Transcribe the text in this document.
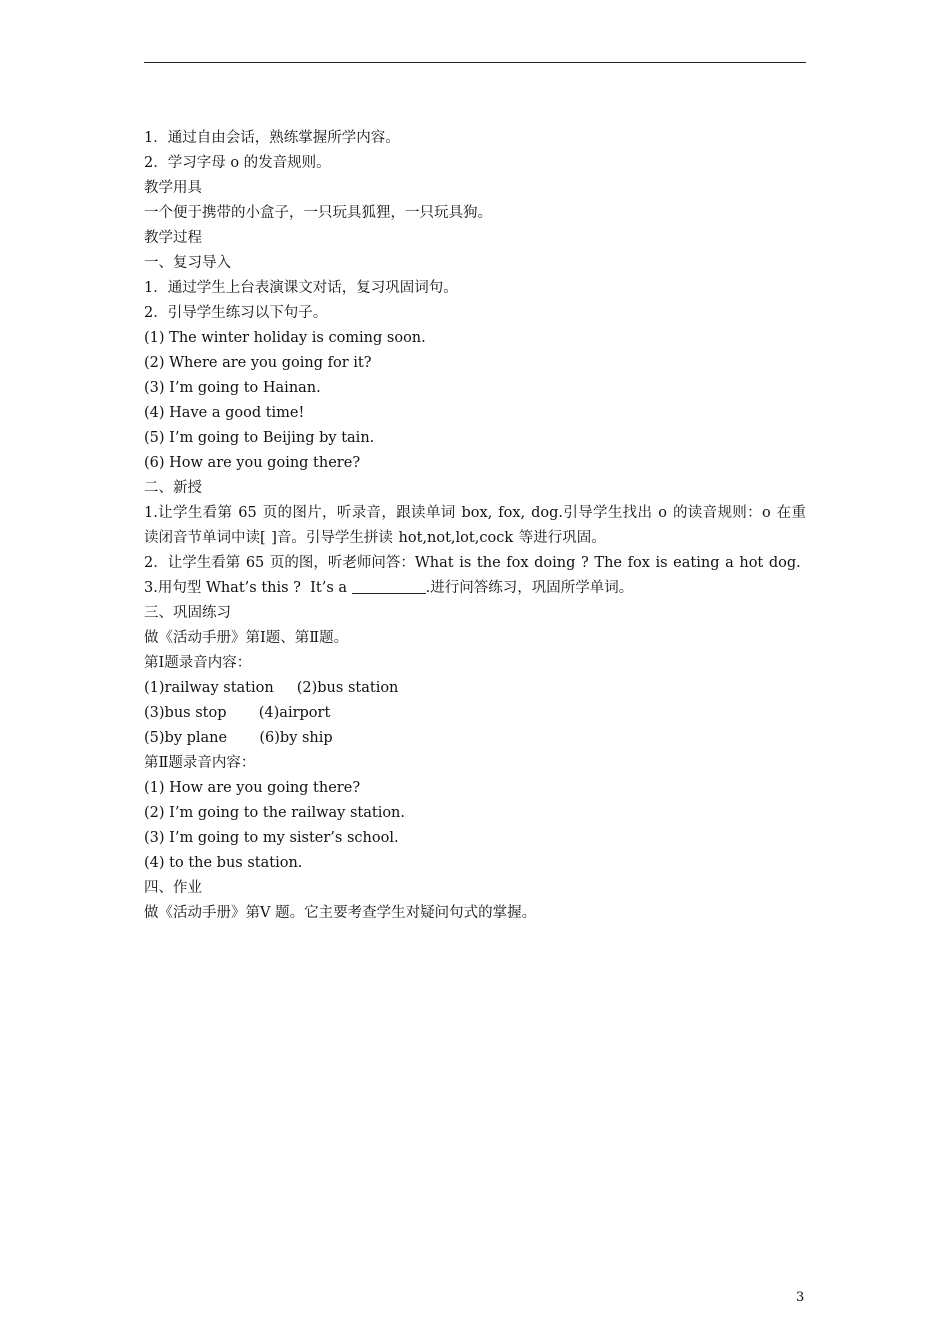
1．通过自由会话，熟练掌握所学内容。
2．学习字母 o 的发音规则。
教学用具
一个便于携带的小盒子，一只玩具狐狸，一只玩具狗。
教学过程
一、复习导入
1．通过学生上台表演课文对话，复习巩固词句。
2．引导学生练习以下句子。
(1) The winter holiday is coming soon.
(2) Where are you going for it?
(3) I’m going to Hainan.
(4) Have a good time!
(5) I’m going to Beijing by tain.
(6) How are you going there?
二、新授
1.让学生看第 65 页的图片，听录音，跟读单词 box, fox, dog.引导学生找出 o 的读音规则：o 在重读闭音节单词中读[ ]音。引导学生拼读 hot,not,lot,cock 等进行巩固。
2．让学生看第 65 页的图，听老师问答：What is the fox doing ? The fox is eating a hot dog.
3.用句型 What’s this ?  It’s a	.进行问答练习，巩固所学单词。
三、巩固练习
做《活动手册》第Ⅰ题、第Ⅱ题。
第Ⅰ题录音内容：
(1)railway station     (2)bus station
(3)bus stop       (4)airport
(5)by plane       (6)by ship
第Ⅱ题录音内容：
(1) How are you going there?
(2) I’m going to the railway station.
(3) I’m going to my sister’s school.
(4) to the bus station.
四、作业
做《活动手册》第Ⅴ 题。它主要考查学生对疑问句式的掌握。
3
